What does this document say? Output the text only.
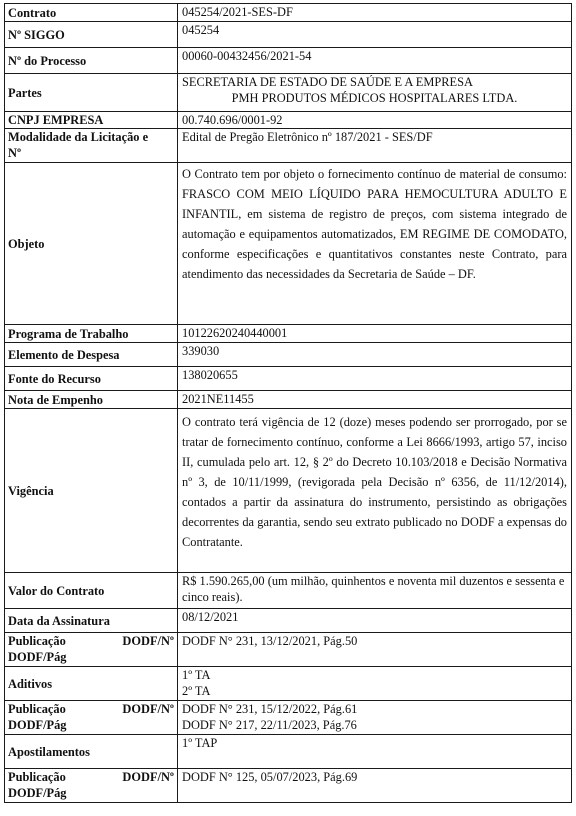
Contrato	045254/2021-SES-DF
Nº SIGGO	045254
Nº do Processo	00060-00432456/2021-54
Partes	SECRETARIA DE ESTADO DE SAÚDE E A EMPRESA
PMH PRODUTOS MÉDICOS HOSPITALARES LTDA.

CNPJ EMPRESA	00.740.696/0001-92

Modalidade da Licitação e
Nº	Edital de Pregão Eletrônico nº 187/2021 - SES/DF
Objeto	O Contrato tem por objeto o fornecimento contínuo de material de consumo: FRASCO COM MEIO LÍQUIDO PARA HEMOCULTURA ADULTO E INFANTIL, em sistema de registro de preços, com sistema integrado de automação e equipamentos automatizados, EM REGIME DE COMODATO, conforme especificações e quantitativos constantes neste Contrato, para atendimento das necessidades da Secretaria de Saúde – DF.
Programa de Trabalho	10122620240440001
Elemento de Despesa	339030
Fonte do Recurso	138020655
Nota de Empenho	2021NE11455
Vigência	O contrato terá vigência de 12 (doze) meses podendo ser prorrogado, por se tratar de fornecimento contínuo, conforme a Lei 8666/1993, artigo 57, inciso II, cumulada pelo art. 12, § 2º do Decreto 10.103/2018 e Decisão Normativa nº 3, de 10/11/1999, (revigorada pela Decisão nº 6356, de 11/12/2014), contados a partir da assinatura do instrumento, persistindo as obrigações decorrentes da garantia, sendo seu extrato publicado no DODF a expensas do Contratante.
Valor do Contrato	R$ 1.590.265,00 (um milhão, quinhentos e noventa mil duzentos e sessenta e cinco reais).
Data da Assinatura	08/12/2021

Publicação DODF/Nº
DODF/Pág	DODF N° 231, 13/12/2021, Pág.50
Aditivos	1º TA
2º TA

Publicação DODF/Nº
DODF/Pág	DODF N° 231, 15/12/2022, Pág.61
DODF N° 217, 22/11/2023, Pág.76

Apostilamentos	1º TAP

Publicação DODF/Nº
DODF/Pág	DODF N° 125, 05/07/2023, Pág.69
